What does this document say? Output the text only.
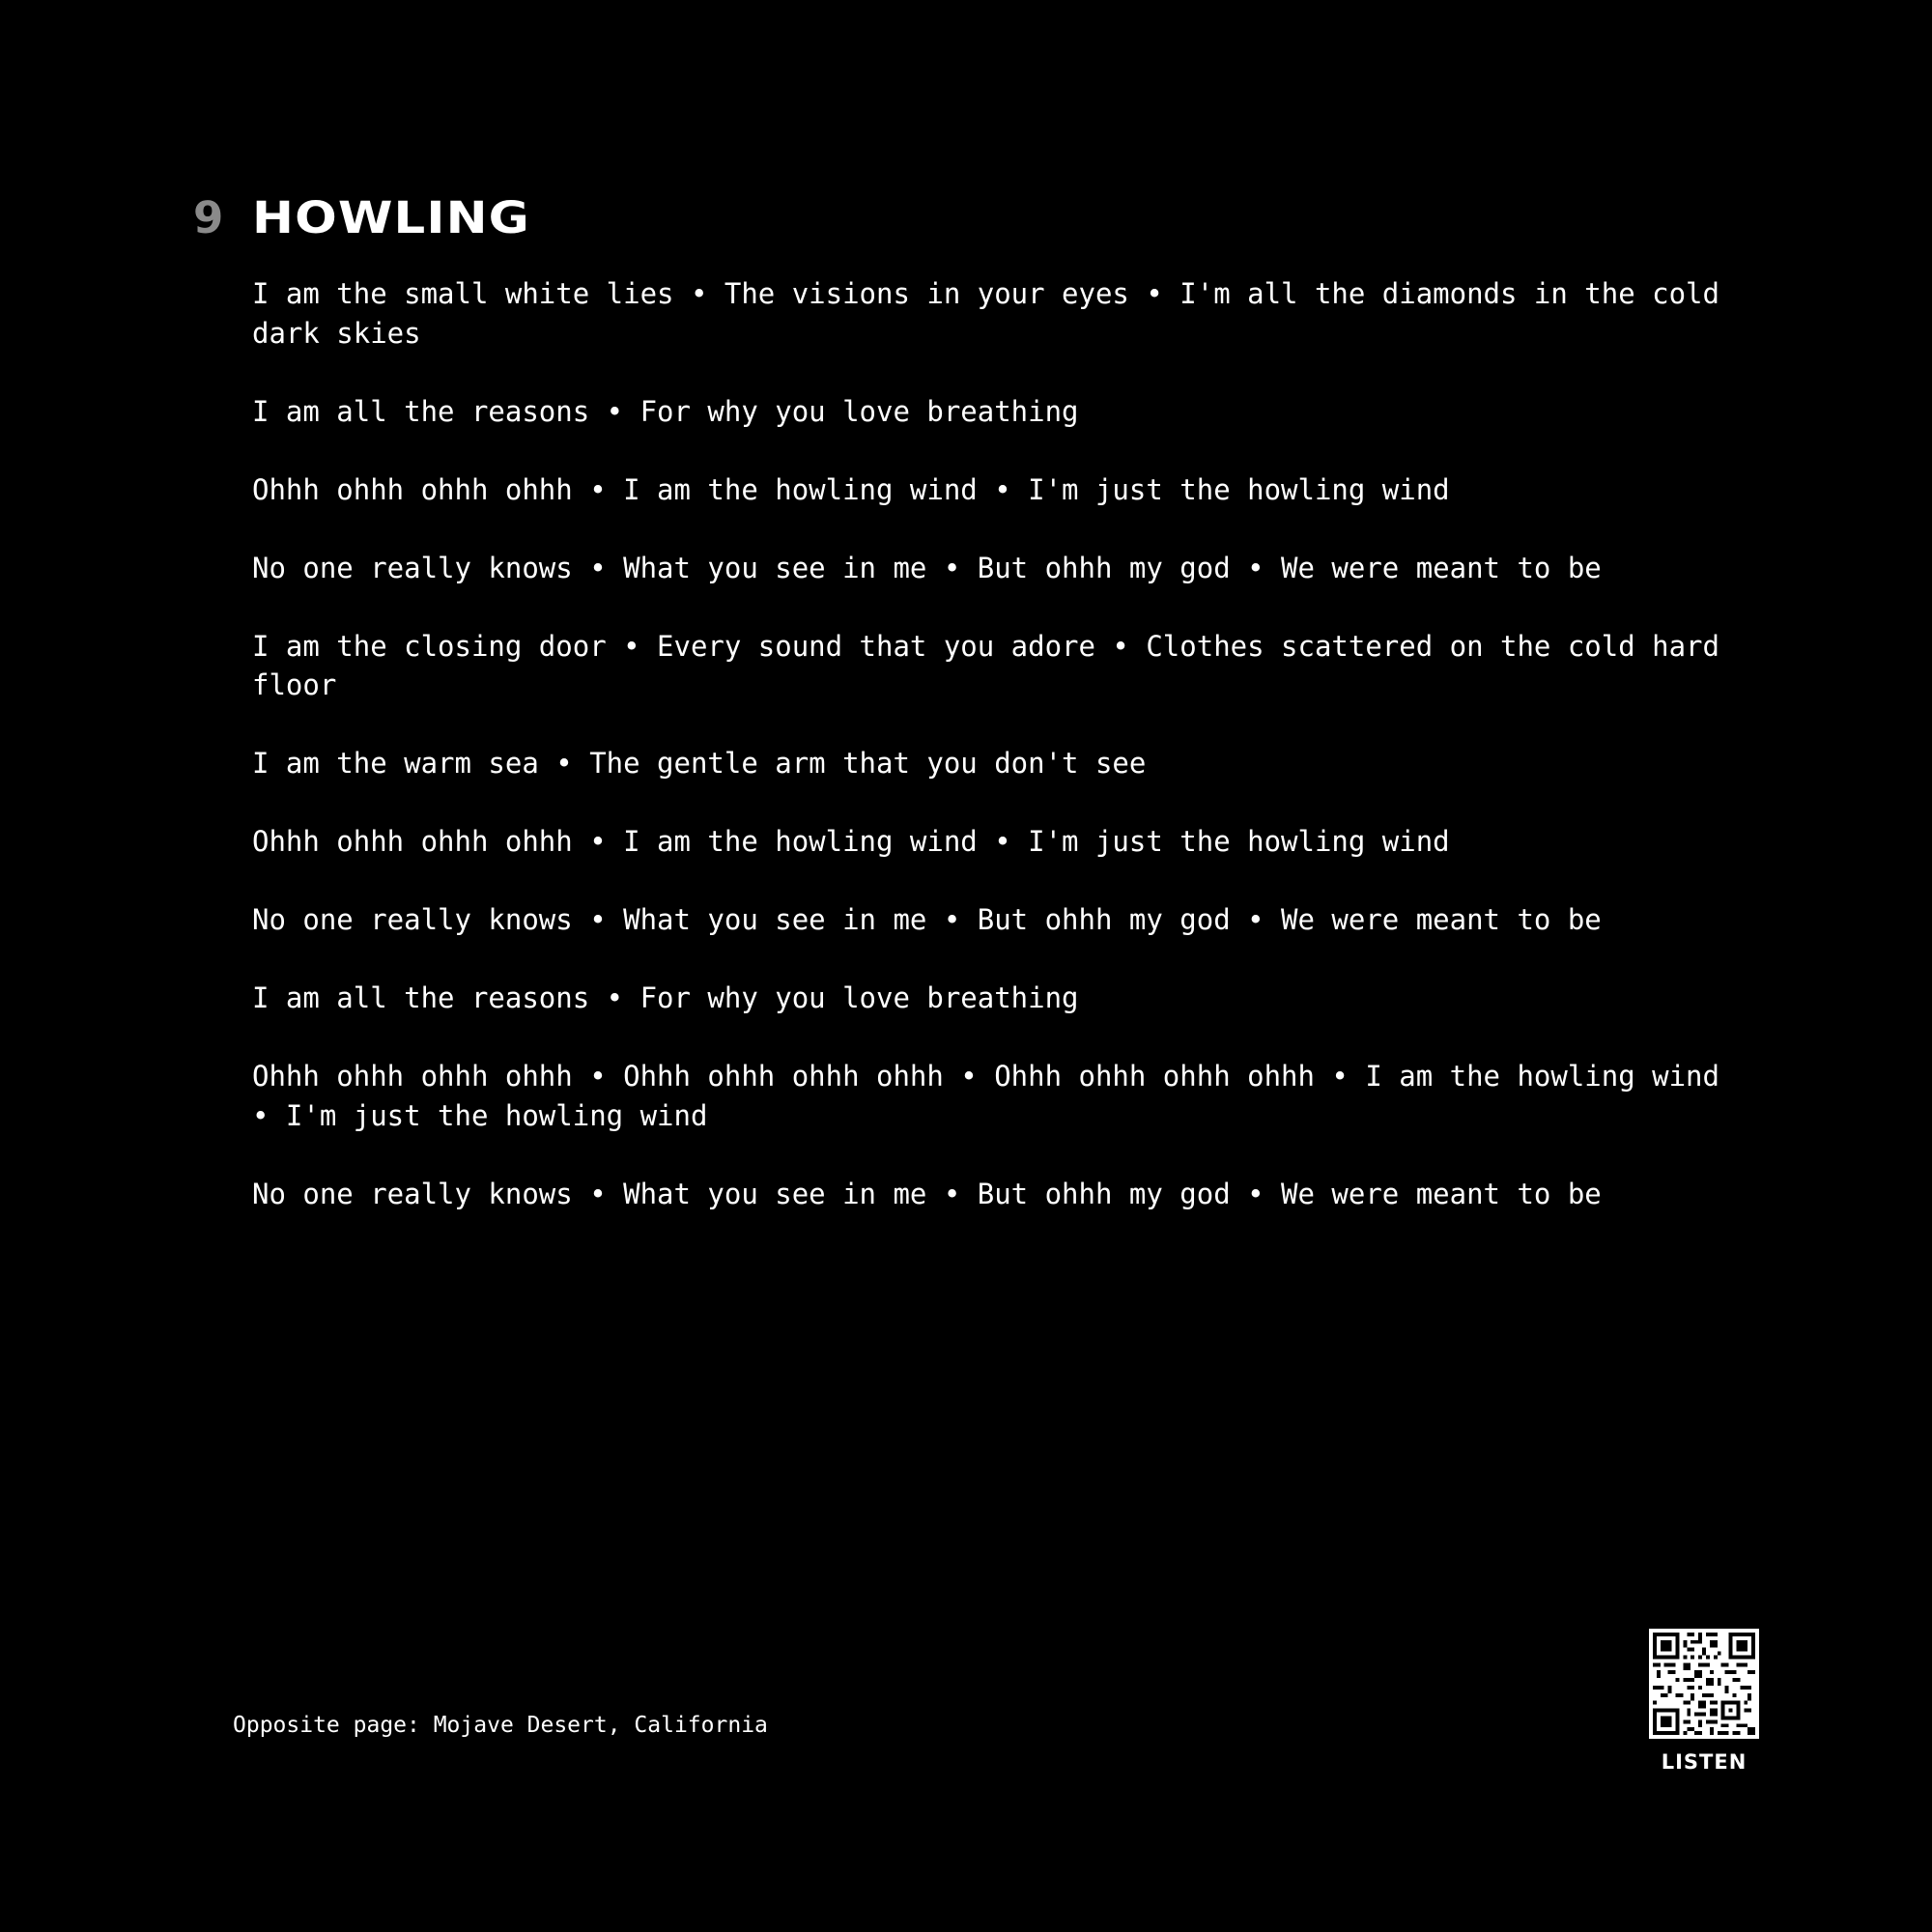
9 HOWLING
I am the small white lies • The visions in your eyes • I'm all the diamonds in the cold dark skies
I am all the reasons • For why you love breathing
Ohhh ohhh ohhh ohhh • I am the howling wind • I'm just the howling wind
No one really knows • What you see in me • But ohhh my god • We were meant to be
I am the closing door • Every sound that you adore • Clothes scattered on the cold hard floor
I am the warm sea • The gentle arm that you don't see
Ohhh ohhh ohhh ohhh • I am the howling wind • I'm just the howling wind
No one really knows • What you see in me • But ohhh my god • We were meant to be
I am all the reasons • For why you love breathing
Ohhh ohhh ohhh ohhh • Ohhh ohhh ohhh ohhh • Ohhh ohhh ohhh ohhh • I am the howling wind • I'm just the howling wind
No one really knows • What you see in me • But ohhh my god • We were meant to be
Opposite page: Mojave Desert, California
LISTEN
